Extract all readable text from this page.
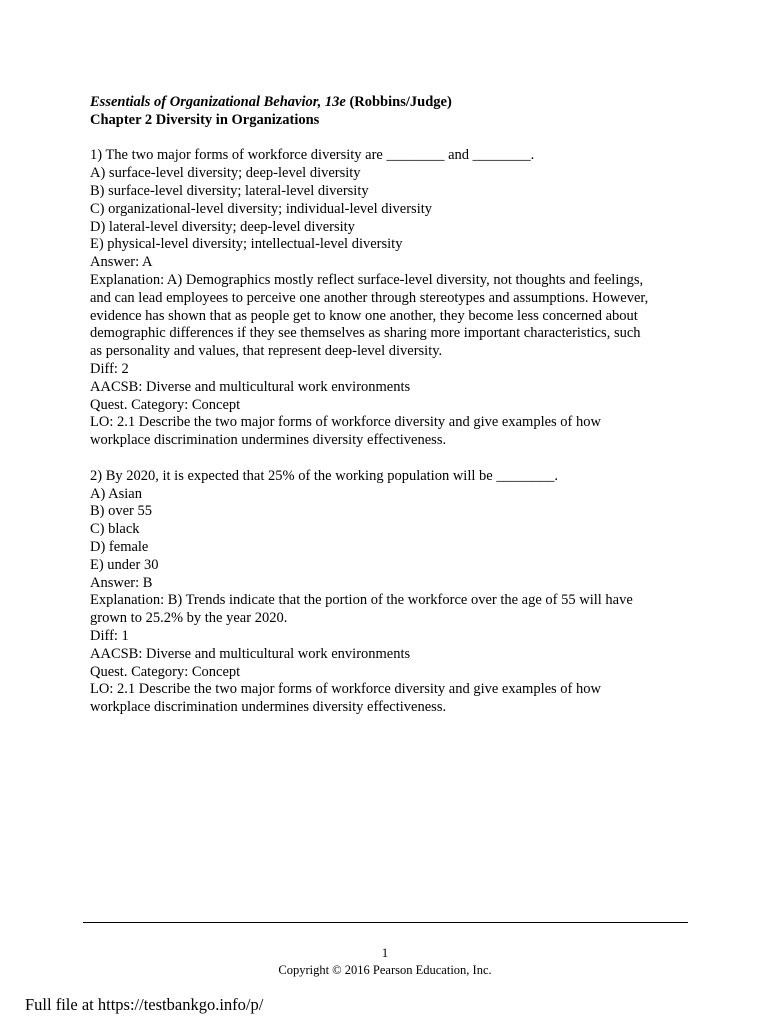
Essentials of Organizational Behavior, 13e (Robbins/Judge)
Chapter 2 Diversity in Organizations
1) The two major forms of workforce diversity are ________ and ________.
A) surface-level diversity; deep-level diversity
B) surface-level diversity; lateral-level diversity
C) organizational-level diversity; individual-level diversity
D) lateral-level diversity; deep-level diversity
E) physical-level diversity; intellectual-level diversity
Answer: A
Explanation: A) Demographics mostly reflect surface-level diversity, not thoughts and feelings,
and can lead employees to perceive one another through stereotypes and assumptions. However,
evidence has shown that as people get to know one another, they become less concerned about
demographic differences if they see themselves as sharing more important characteristics, such
as personality and values, that represent deep-level diversity.
Diff: 2
AACSB: Diverse and multicultural work environments
Quest. Category: Concept
LO: 2.1 Describe the two major forms of workforce diversity and give examples of how
workplace discrimination undermines diversity effectiveness.
2) By 2020, it is expected that 25% of the working population will be ________.
A) Asian
B) over 55
C) black
D) female
E) under 30
Answer: B
Explanation: B) Trends indicate that the portion of the workforce over the age of 55 will have
grown to 25.2% by the year 2020.
Diff: 1
AACSB: Diverse and multicultural work environments
Quest. Category: Concept
LO: 2.1 Describe the two major forms of workforce diversity and give examples of how
workplace discrimination undermines diversity effectiveness.
1
Copyright © 2016 Pearson Education, Inc.
Full file at https://testbankgo.info/p/
